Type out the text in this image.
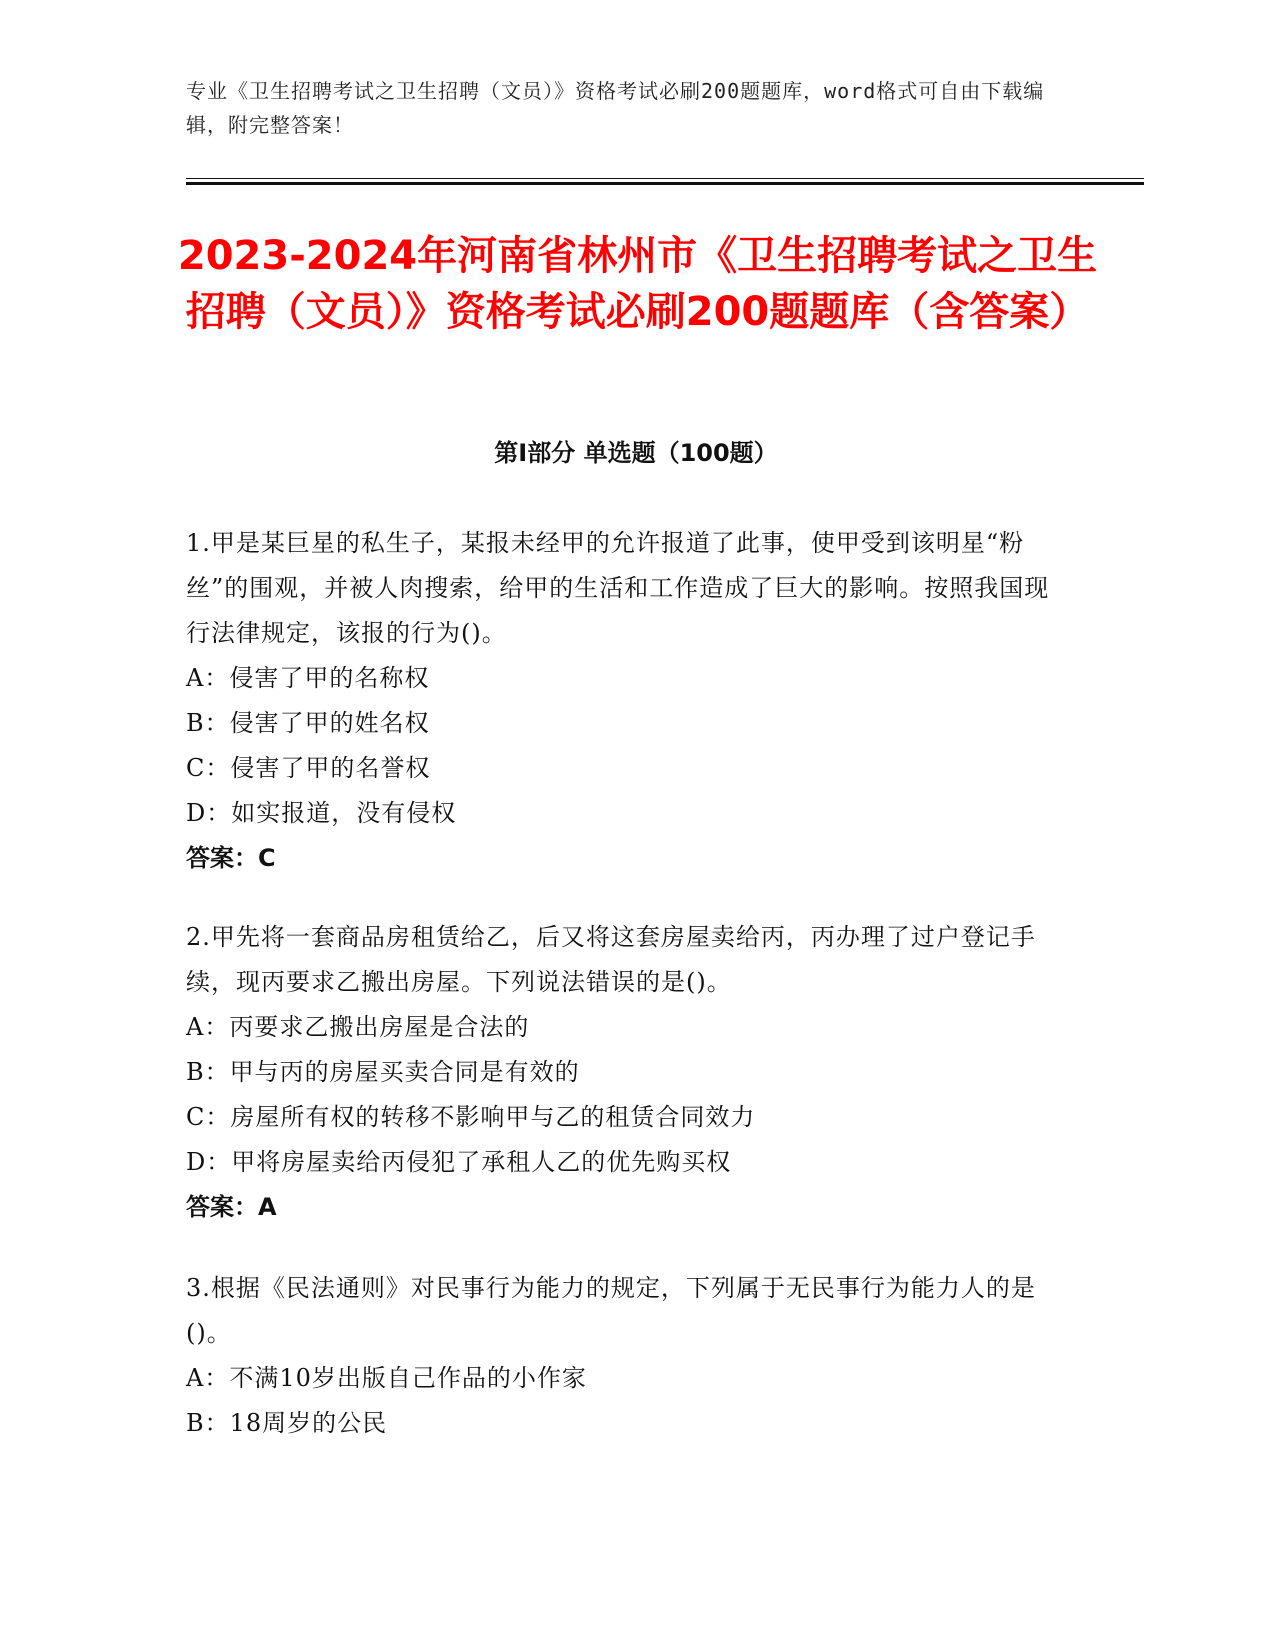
专业《卫生招聘考试之卫生招聘（文员）》资格考试必刷200题题库，word格式可自由下载编辑，附完整答案！
2023-2024年河南省林州市《卫生招聘考试之卫生招聘（文员）》资格考试必刷200题题库（含答案）
第Ⅰ部分 单选题（100题）

1.甲是某巨星的私生子，某报未经甲的允许报道了此事，使甲受到该明星“粉丝”的围观，并被人肉搜索，给甲的生活和工作造成了巨大的影响。按照我国现行法律规定，该报的行为()。

A：侵害了甲的名称权

B：侵害了甲的姓名权

C：侵害了甲的名誉权

D：如实报道，没有侵权

答案：C

2.甲先将一套商品房租赁给乙，后又将这套房屋卖给丙，丙办理了过户登记手续，现丙要求乙搬出房屋。下列说法错误的是()。

A：丙要求乙搬出房屋是合法的

B：甲与丙的房屋买卖合同是有效的

C：房屋所有权的转移不影响甲与乙的租赁合同效力

D：甲将房屋卖给丙侵犯了承租人乙的优先购买权

答案：A

3.根据《民法通则》对民事行为能力的规定，下列属于无民事行为能力人的是()。

A：不满10岁出版自己作品的小作家

B：18周岁的公民
